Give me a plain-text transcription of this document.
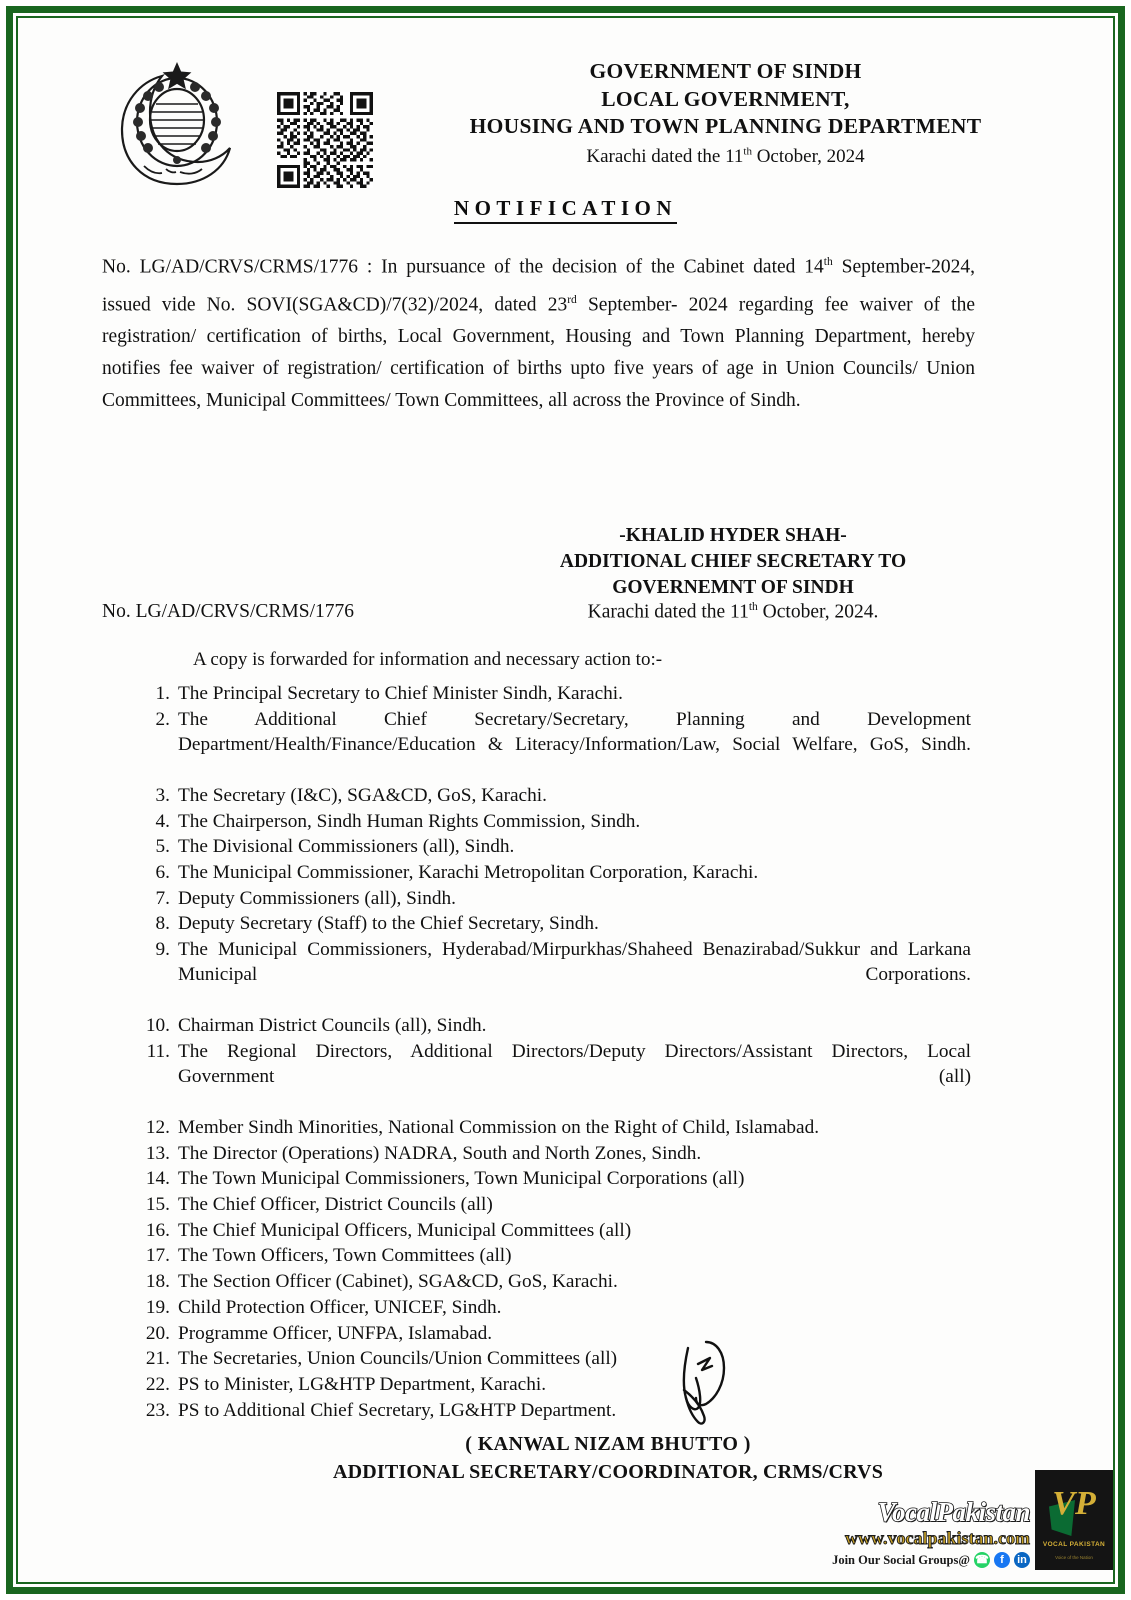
GOVERNMENT OF SINDH
LOCAL GOVERNMENT,
HOUSING AND TOWN PLANNING DEPARTMENT
Karachi dated the 11th October, 2024
NOTIFICATION
No. LG/AD/CRVS/CRMS/1776 : In pursuance of the decision of the Cabinet dated 14th September-2024, issued vide No. SOVI(SGA&CD)/7(32)/2024, dated 23rd September- 2024 regarding fee waiver of the registration/ certification of births, Local Government, Housing and Town Planning Department, hereby notifies fee waiver of registration/ certification of births upto five years of age in Union Councils/ Union Committees, Municipal Committees/ Town Committees, all across the Province of Sindh.
-KHALID HYDER SHAH-
ADDITIONAL CHIEF SECRETARY TO
GOVERNEMNT OF SINDH
No. LG/AD/CRVS/CRMS/1776	Karachi dated the 11th October, 2024.
A copy is forwarded for information and necessary action to:-
1. The Principal Secretary to Chief Minister Sindh, Karachi.
2. The Additional Chief Secretary/Secretary, Planning and Development Department/Health/Finance/Education & Literacy/Information/Law, Social Welfare, GoS, Sindh.
3. The Secretary (I&C), SGA&CD, GoS, Karachi.
4. The Chairperson, Sindh Human Rights Commission, Sindh.
5. The Divisional Commissioners (all), Sindh.
6. The Municipal Commissioner, Karachi Metropolitan Corporation, Karachi.
7. Deputy Commissioners (all), Sindh.
8. Deputy Secretary (Staff) to the Chief Secretary, Sindh.
9. The Municipal Commissioners, Hyderabad/Mirpurkhas/Shaheed Benazirabad/Sukkur and Larkana Municipal Corporations.
10. Chairman District Councils (all), Sindh.
11. The Regional Directors, Additional Directors/Deputy Directors/Assistant Directors, Local Government (all)
12. Member Sindh Minorities, National Commission on the Right of Child, Islamabad.
13. The Director (Operations) NADRA, South and North Zones, Sindh.
14. The Town Municipal Commissioners, Town Municipal Corporations (all)
15. The Chief Officer, District Councils (all)
16. The Chief Municipal Officers, Municipal Committees (all)
17. The Town Officers, Town Committees (all)
18. The Section Officer (Cabinet), SGA&CD, GoS, Karachi.
19. Child Protection Officer, UNICEF, Sindh.
20. Programme Officer, UNFPA, Islamabad.
21. The Secretaries, Union Councils/Union Committees (all)
22. PS to Minister, LG&HTP Department, Karachi.
23. PS to Additional Chief Secretary, LG&HTP Department.
( KANWAL NIZAM BHUTTO )
ADDITIONAL SECRETARY/COORDINATOR, CRMS/CRVS
VocalPakistan
www.vocalpakistan.com
Join Our Social Groups@ ☎	f	in
VP
VOCAL PAKISTAN
Voice of the Nation
